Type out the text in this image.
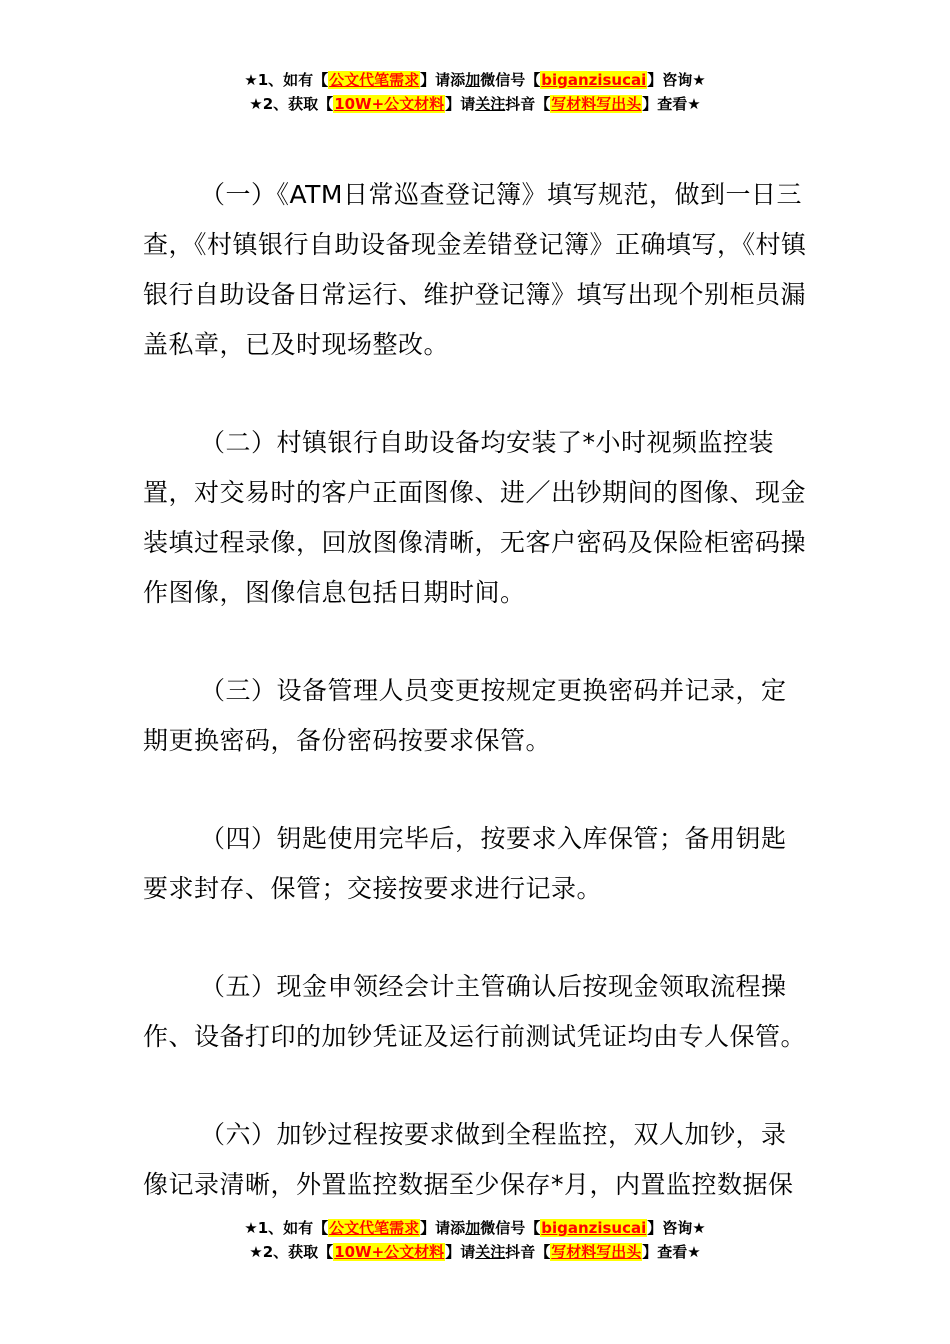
★1、如有【公文代笔需求】请添加微信号【biganzisucai】咨询★
★2、获取【10W+公文材料】请关注抖音【写材料写出头】查看★

（一）《ATM日常巡查登记簿》填写规范，做到一日三查，《村镇银行自助设备现金差错登记簿》正确填写，《村镇银行自助设备日常运行、维护登记簿》填写出现个别柜员漏盖私章，已及时现场整改。

（二）村镇银行自助设备均安装了*小时视频监控装置，对交易时的客户正面图像、进／出钞期间的图像、现金装填过程录像，回放图像清晰，无客户密码及保险柜密码操作图像，图像信息包括日期时间。

（三）设备管理人员变更按规定更换密码并记录，定期更换密码，备份密码按要求保管。

（四）钥匙使用完毕后，按要求入库保管；备用钥匙要求封存、保管；交接按要求进行记录。

（五）现金申领经会计主管确认后按现金领取流程操作、设备打印的加钞凭证及运行前测试凭证均由专人保管。

（六）加钞过程按要求做到全程监控，双人加钞，录像记录清晰，外置监控数据至少保存*月，内置监控数据保

★1、如有【公文代笔需求】请添加微信号【biganzisucai】咨询★
★2、获取【10W+公文材料】请关注抖音【写材料写出头】查看★
